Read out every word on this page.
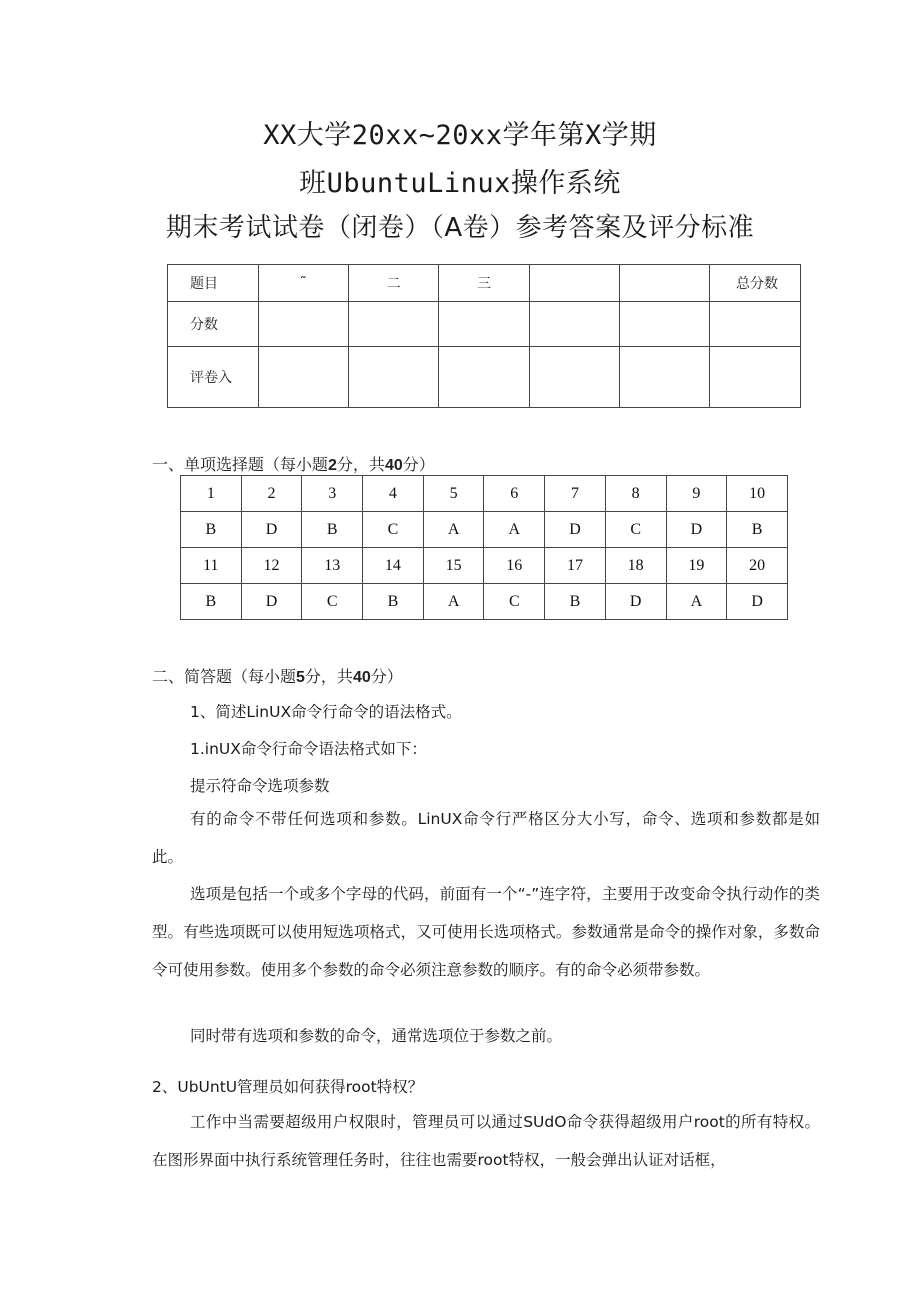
XX大学20xx~20xx学年第X学期
班UbuntuLinux操作系统
期末考试试卷（闭卷）（A卷）参考答案及评分标准
题目	˜	二	三			总分数
分数						
评卷入						
一、单项选择题（每小题2分，共40分）
1	2	3	4	5	6	7	8	9	10
B	D	B	C	A	A	D	C	D	B
11	12	13	14	15	16	17	18	19	20
B	D	C	B	A	C	B	D	A	D
二、简答题（每小题5分，共40分）
1、简述LinUX命令行命令的语法格式。
1.inUX命令行命令语法格式如下：
提示符命令选项参数
有的命令不带任何选项和参数。LinUX命令行严格区分大小写，命令、选项和参数都是如此。
选项是包括一个或多个字母的代码，前面有一个“-”连字符，主要用于改变命令执行动作的类型。有些选项既可以使用短选项格式，又可使用长选项格式。参数通常是命令的操作对象，多数命令可使用参数。使用多个参数的命令必须注意参数的顺序。有的命令必须带参数。
同时带有选项和参数的命令，通常选项位于参数之前。
2、UbUntU管理员如何获得root特权？
工作中当需要超级用户权限时，管理员可以通过SUdO命令获得超级用户root的所有特权。在图形界面中执行系统管理任务时，往往也需要root特权，一般会弹出认证对话框，
